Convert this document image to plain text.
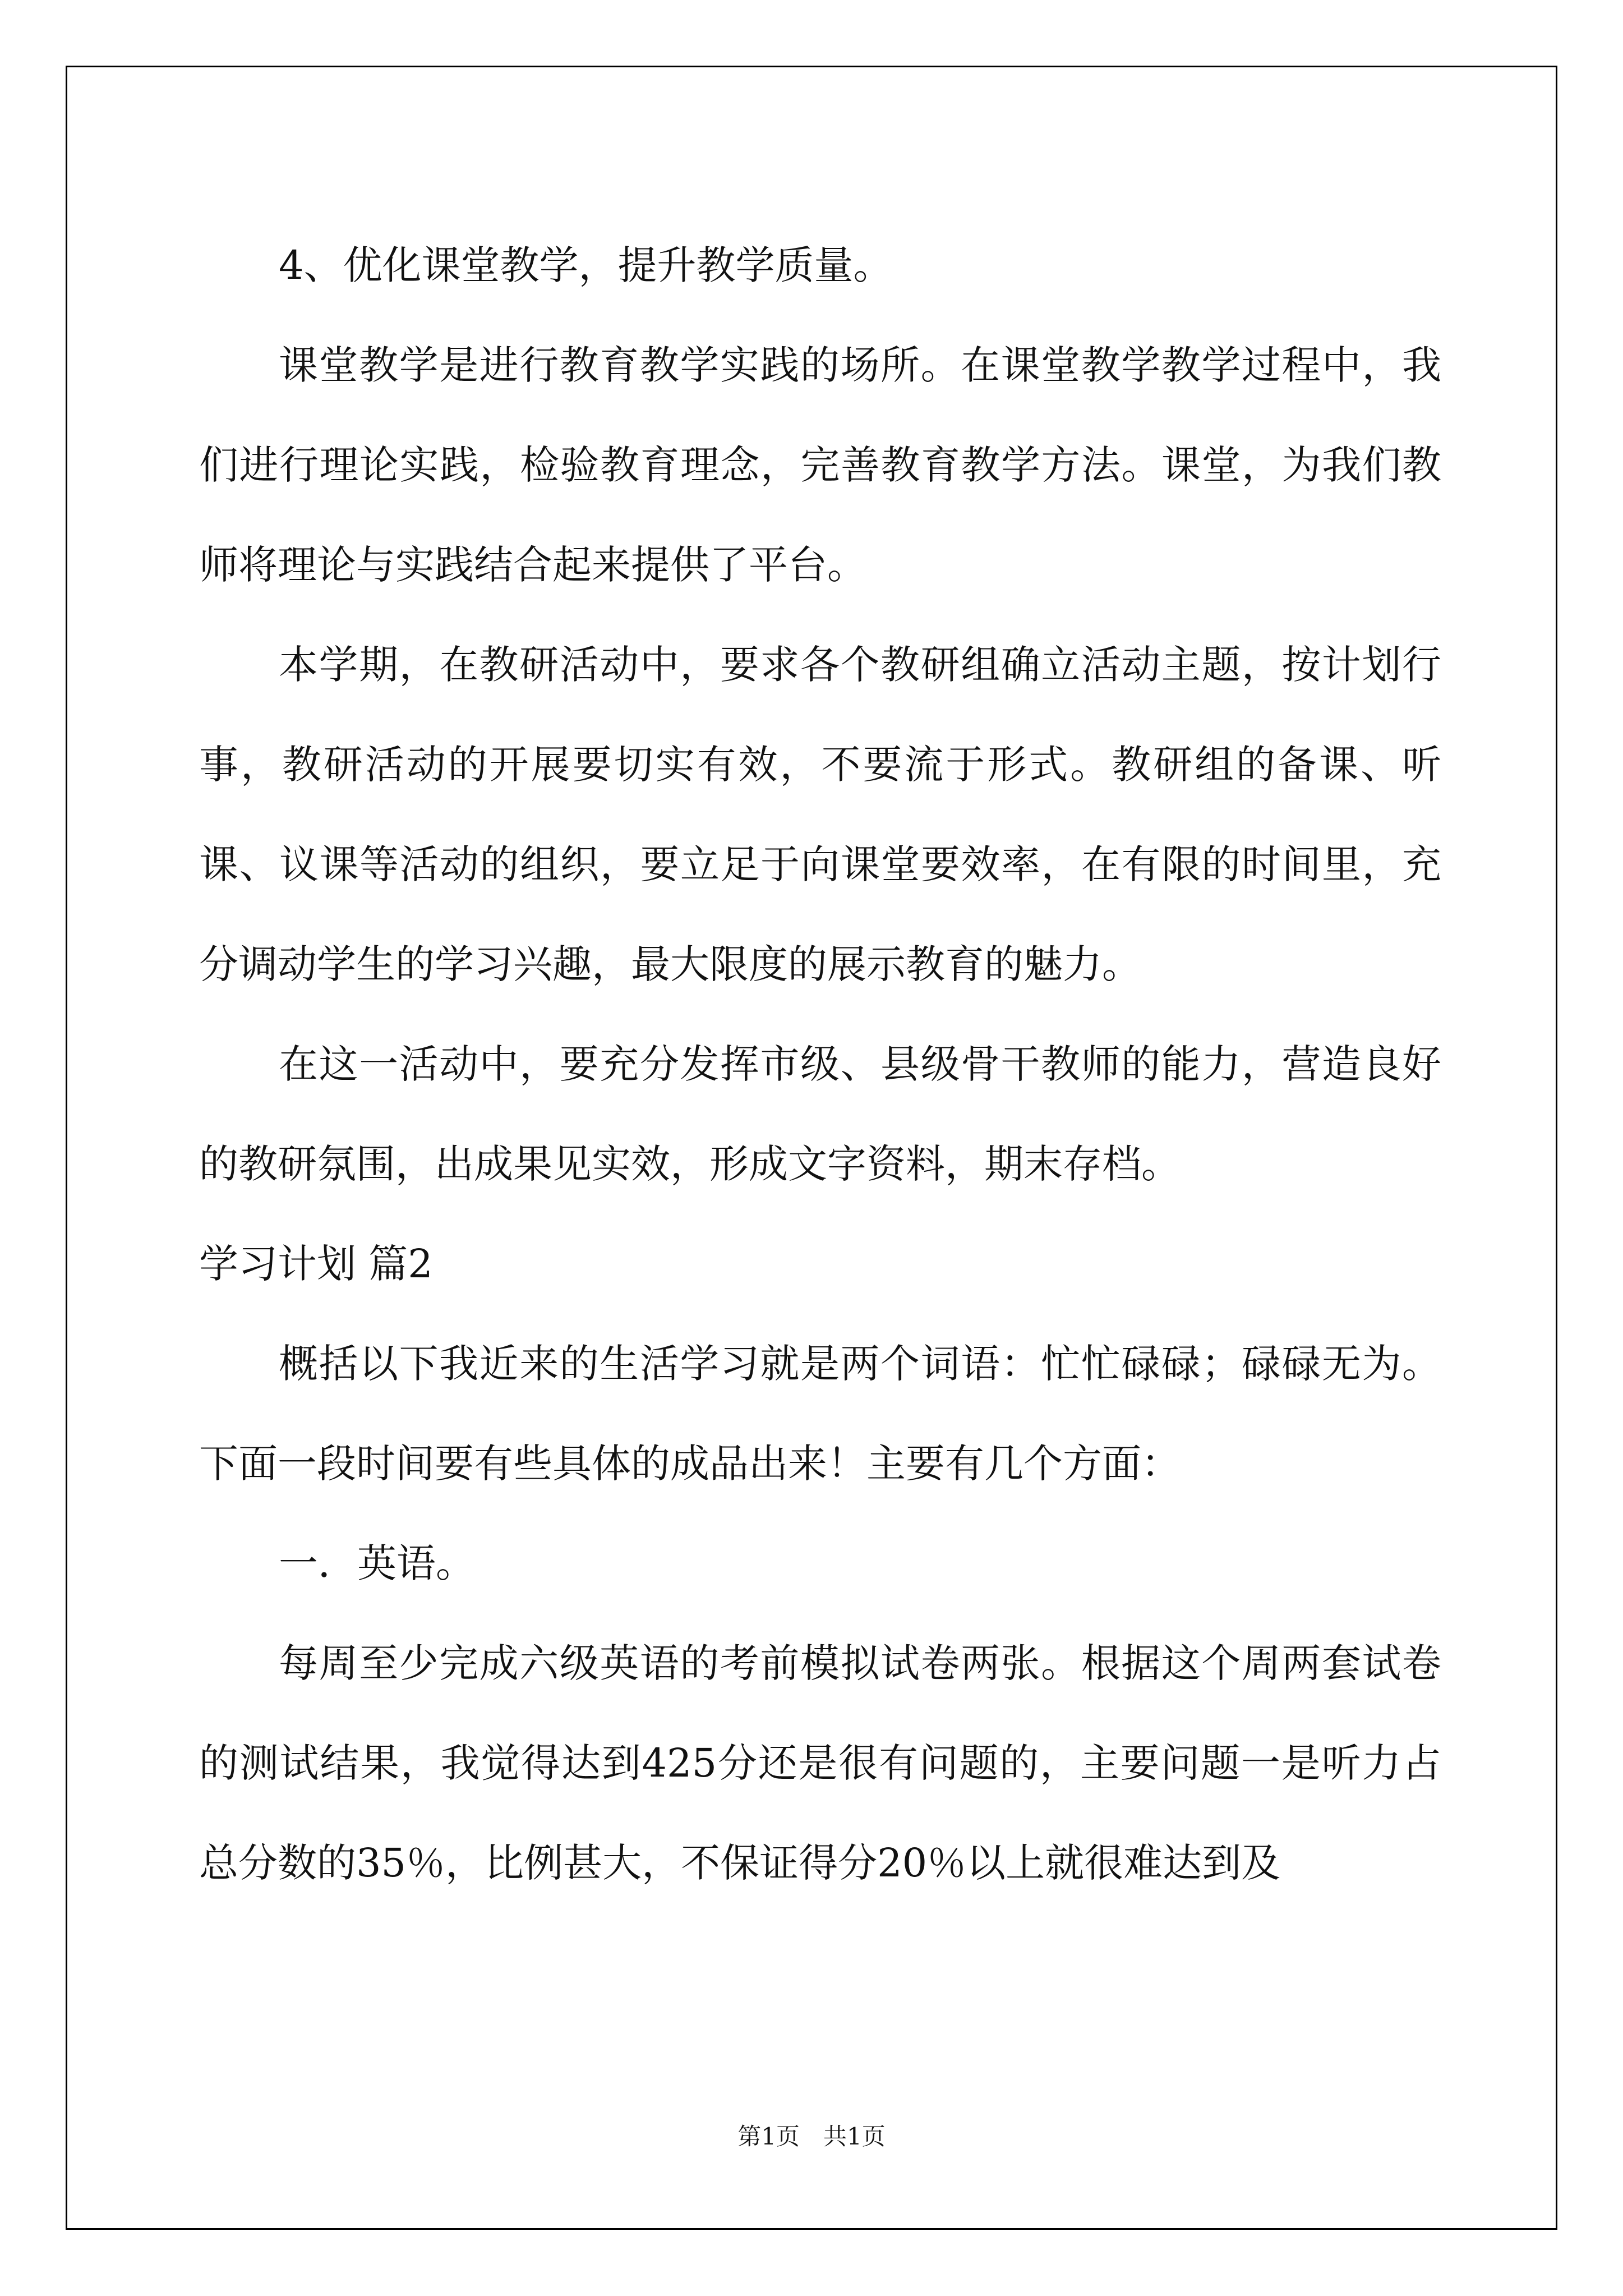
4、优化课堂教学，提升教学质量。

课堂教学是进行教育教学实践的场所。在课堂教学教学过程中，我们进行理论实践，检验教育理念，完善教育教学方法。课堂，为我们教师将理论与实践结合起来提供了平台。

本学期，在教研活动中，要求各个教研组确立活动主题，按计划行事，教研活动的开展要切实有效，不要流于形式。教研组的备课、听课、议课等活动的组织，要立足于向课堂要效率，在有限的时间里，充分调动学生的学习兴趣，最大限度的展示教育的魅力。

在这一活动中，要充分发挥市级、县级骨干教师的能力，营造良好的教研氛围，出成果见实效，形成文字资料，期末存档。

学习计划 篇2

概括以下我近来的生活学习就是两个词语：忙忙碌碌；碌碌无为。下面一段时间要有些具体的成品出来！主要有几个方面：

一．英语。

每周至少完成六级英语的考前模拟试卷两张。根据这个周两套试卷的测试结果，我觉得达到425分还是很有问题的，主要问题一是听力占总分数的35％，比例甚大，不保证得分20％以上就很难达到及

第1页　共1页
